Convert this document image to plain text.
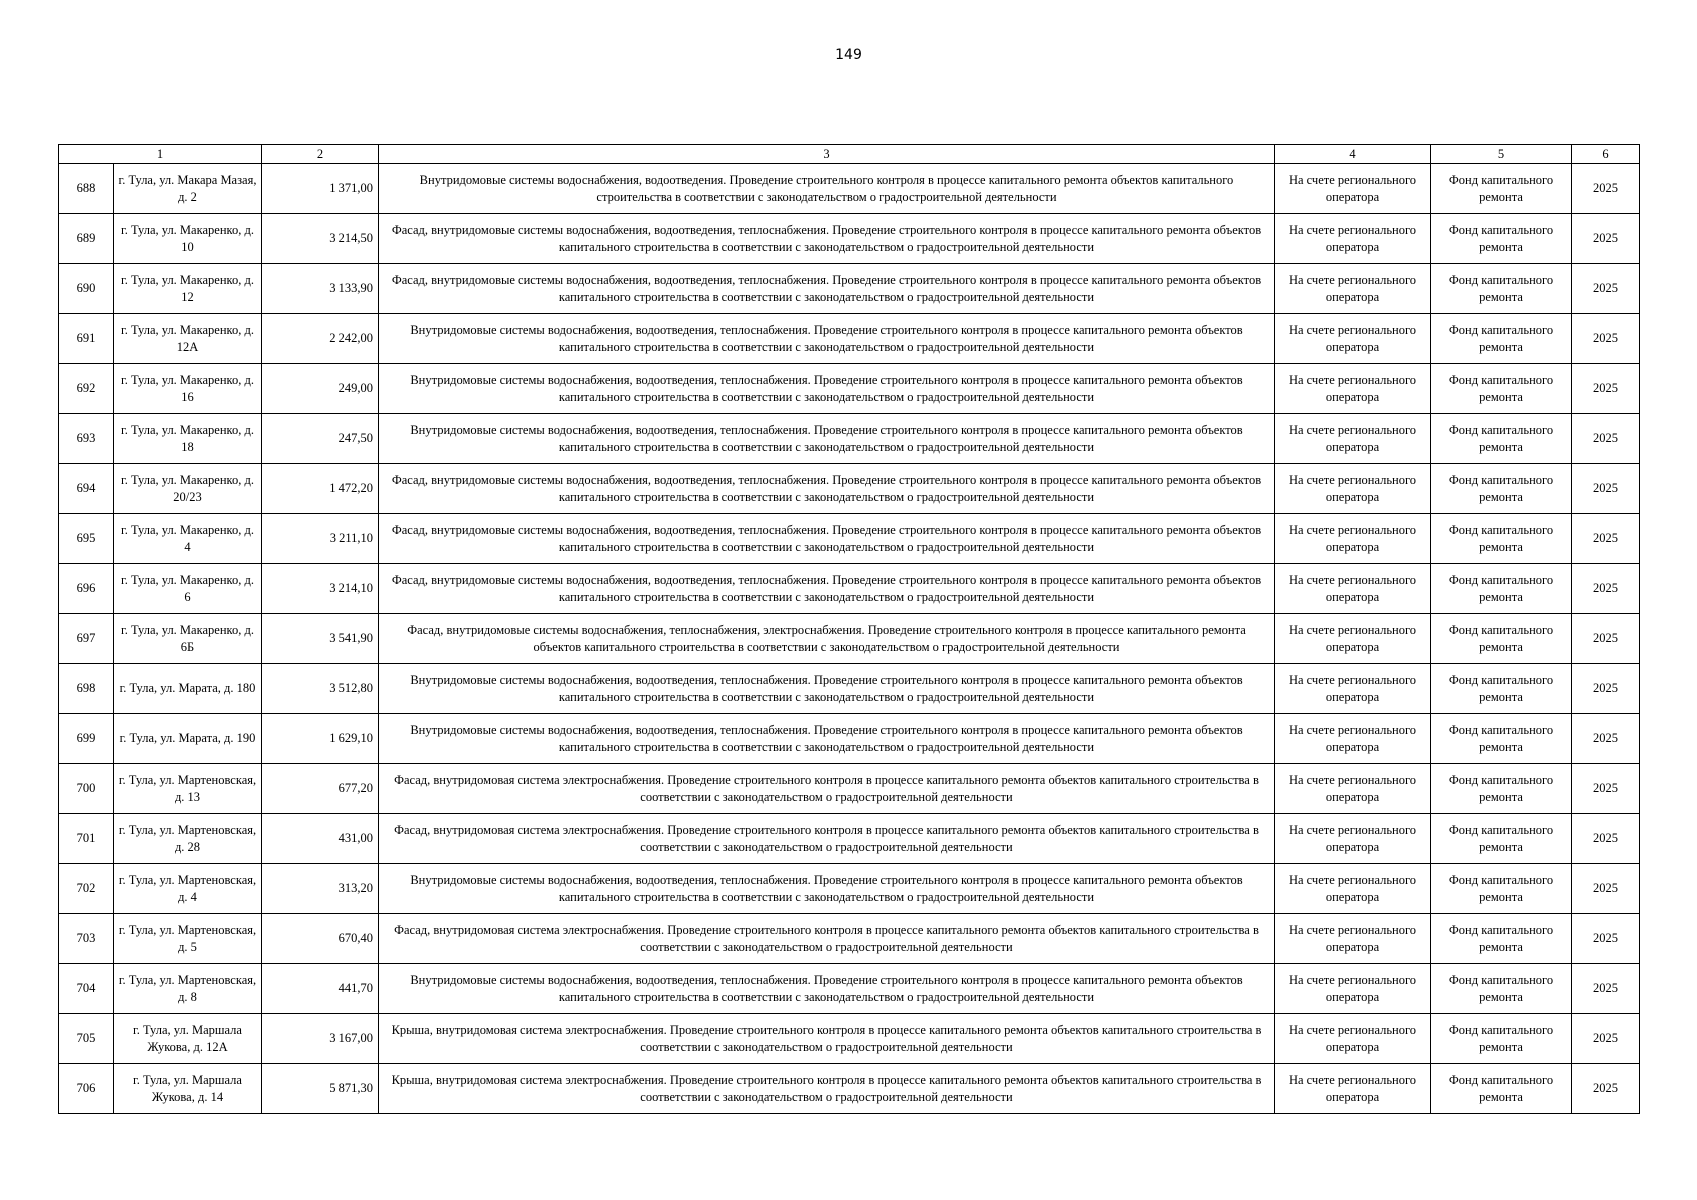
149
1		2	3	4	5	6
688	г. Тула, ул. Макара Мазая, д. 2	1 371,00	Внутридомовые системы водоснабжения, водоотведения. Проведение строительного контроля в процессе капитального ремонта объектов капитального строительства в соответствии с законодательством о градостроительной деятельности	На счете регионального оператора	Фонд капитального ремонта	2025
689	г. Тула, ул. Макаренко, д. 10	3 214,50	Фасад, внутридомовые системы водоснабжения, водоотведения, теплоснабжения. Проведение строительного контроля в процессе капитального ремонта объектов капитального строительства в соответствии с законодательством о градостроительной деятельности	На счете регионального оператора	Фонд капитального ремонта	2025
690	г. Тула, ул. Макаренко, д. 12	3 133,90	Фасад, внутридомовые системы водоснабжения, водоотведения, теплоснабжения. Проведение строительного контроля в процессе капитального ремонта объектов капитального строительства в соответствии с законодательством о градостроительной деятельности	На счете регионального оператора	Фонд капитального ремонта	2025
691	г. Тула, ул. Макаренко, д. 12А	2 242,00	Внутридомовые системы водоснабжения, водоотведения, теплоснабжения. Проведение строительного контроля в процессе капитального ремонта объектов капитального строительства в соответствии с законодательством о градостроительной деятельности	На счете регионального оператора	Фонд капитального ремонта	2025
692	г. Тула, ул. Макаренко, д. 16	249,00	Внутридомовые системы водоснабжения, водоотведения, теплоснабжения. Проведение строительного контроля в процессе капитального ремонта объектов капитального строительства в соответствии с законодательством о градостроительной деятельности	На счете регионального оператора	Фонд капитального ремонта	2025
693	г. Тула, ул. Макаренко, д. 18	247,50	Внутридомовые системы водоснабжения, водоотведения, теплоснабжения. Проведение строительного контроля в процессе капитального ремонта объектов капитального строительства в соответствии с законодательством о градостроительной деятельности	На счете регионального оператора	Фонд капитального ремонта	2025
694	г. Тула, ул. Макаренко, д. 20/23	1 472,20	Фасад, внутридомовые системы водоснабжения, водоотведения, теплоснабжения. Проведение строительного контроля в процессе капитального ремонта объектов капитального строительства в соответствии с законодательством о градостроительной деятельности	На счете регионального оператора	Фонд капитального ремонта	2025
695	г. Тула, ул. Макаренко, д. 4	3 211,10	Фасад, внутридомовые системы водоснабжения, водоотведения, теплоснабжения. Проведение строительного контроля в процессе капитального ремонта объектов капитального строительства в соответствии с законодательством о градостроительной деятельности	На счете регионального оператора	Фонд капитального ремонта	2025
696	г. Тула, ул. Макаренко, д. 6	3 214,10	Фасад, внутридомовые системы водоснабжения, водоотведения, теплоснабжения. Проведение строительного контроля в процессе капитального ремонта объектов капитального строительства в соответствии с законодательством о градостроительной деятельности	На счете регионального оператора	Фонд капитального ремонта	2025
697	г. Тула, ул. Макаренко, д. 6Б	3 541,90	Фасад, внутридомовые системы водоснабжения, теплоснабжения, электроснабжения. Проведение строительного контроля в процессе капитального ремонта объектов капитального строительства в соответствии с законодательством о градостроительной деятельности	На счете регионального оператора	Фонд капитального ремонта	2025
698	г. Тула, ул. Марата, д. 180	3 512,80	Внутридомовые системы водоснабжения, водоотведения, теплоснабжения. Проведение строительного контроля в процессе капитального ремонта объектов капитального строительства в соответствии с законодательством о градостроительной деятельности	На счете регионального оператора	Фонд капитального ремонта	2025
699	г. Тула, ул. Марата, д. 190	1 629,10	Внутридомовые системы водоснабжения, водоотведения, теплоснабжения. Проведение строительного контроля в процессе капитального ремонта объектов капитального строительства в соответствии с законодательством о градостроительной деятельности	На счете регионального оператора	Фонд капитального ремонта	2025
700	г. Тула, ул. Мартеновская, д. 13	677,20	Фасад, внутридомовая система электроснабжения. Проведение строительного контроля в процессе капитального ремонта объектов капитального строительства в соответствии с законодательством о градостроительной деятельности	На счете регионального оператора	Фонд капитального ремонта	2025
701	г. Тула, ул. Мартеновская, д. 28	431,00	Фасад, внутридомовая система электроснабжения. Проведение строительного контроля в процессе капитального ремонта объектов капитального строительства в соответствии с законодательством о градостроительной деятельности	На счете регионального оператора	Фонд капитального ремонта	2025
702	г. Тула, ул. Мартеновская, д. 4	313,20	Внутридомовые системы водоснабжения, водоотведения, теплоснабжения. Проведение строительного контроля в процессе капитального ремонта объектов капитального строительства в соответствии с законодательством о градостроительной деятельности	На счете регионального оператора	Фонд капитального ремонта	2025
703	г. Тула, ул. Мартеновская, д. 5	670,40	Фасад, внутридомовая система электроснабжения. Проведение строительного контроля в процессе капитального ремонта объектов капитального строительства в соответствии с законодательством о градостроительной деятельности	На счете регионального оператора	Фонд капитального ремонта	2025
704	г. Тула, ул. Мартеновская, д. 8	441,70	Внутридомовые системы водоснабжения, водоотведения, теплоснабжения. Проведение строительного контроля в процессе капитального ремонта объектов капитального строительства в соответствии с законодательством о градостроительной деятельности	На счете регионального оператора	Фонд капитального ремонта	2025
705	г. Тула, ул. Маршала Жукова, д. 12А	3 167,00	Крыша, внутридомовая система электроснабжения. Проведение строительного контроля в процессе капитального ремонта объектов капитального строительства в соответствии с законодательством о градостроительной деятельности	На счете регионального оператора	Фонд капитального ремонта	2025
706	г. Тула, ул. Маршала Жукова, д. 14	5 871,30	Крыша, внутридомовая система электроснабжения. Проведение строительного контроля в процессе капитального ремонта объектов капитального строительства в соответствии с законодательством о градостроительной деятельности	На счете регионального оператора	Фонд капитального ремонта	2025
